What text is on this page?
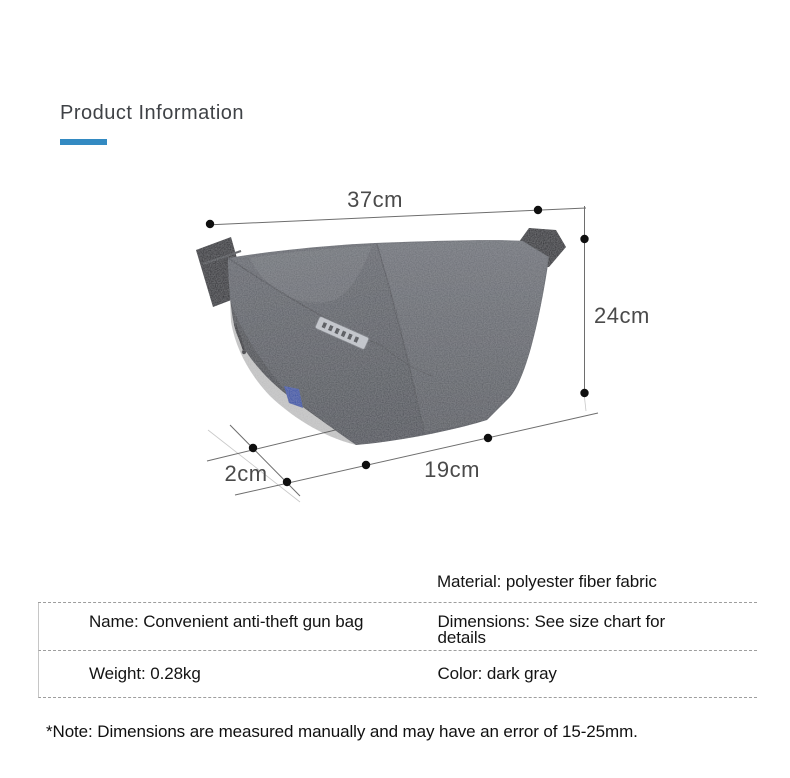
37cm
24cm
2cm	19cm
Product Information
Material: polyester fiber fabric
Name: Convenient anti-theft gun bag	Dimensions: See size chart for details
Weight: 0.28kg	Color: dark gray
*Note: Dimensions are measured manually and may have an error of 15-25mm.
